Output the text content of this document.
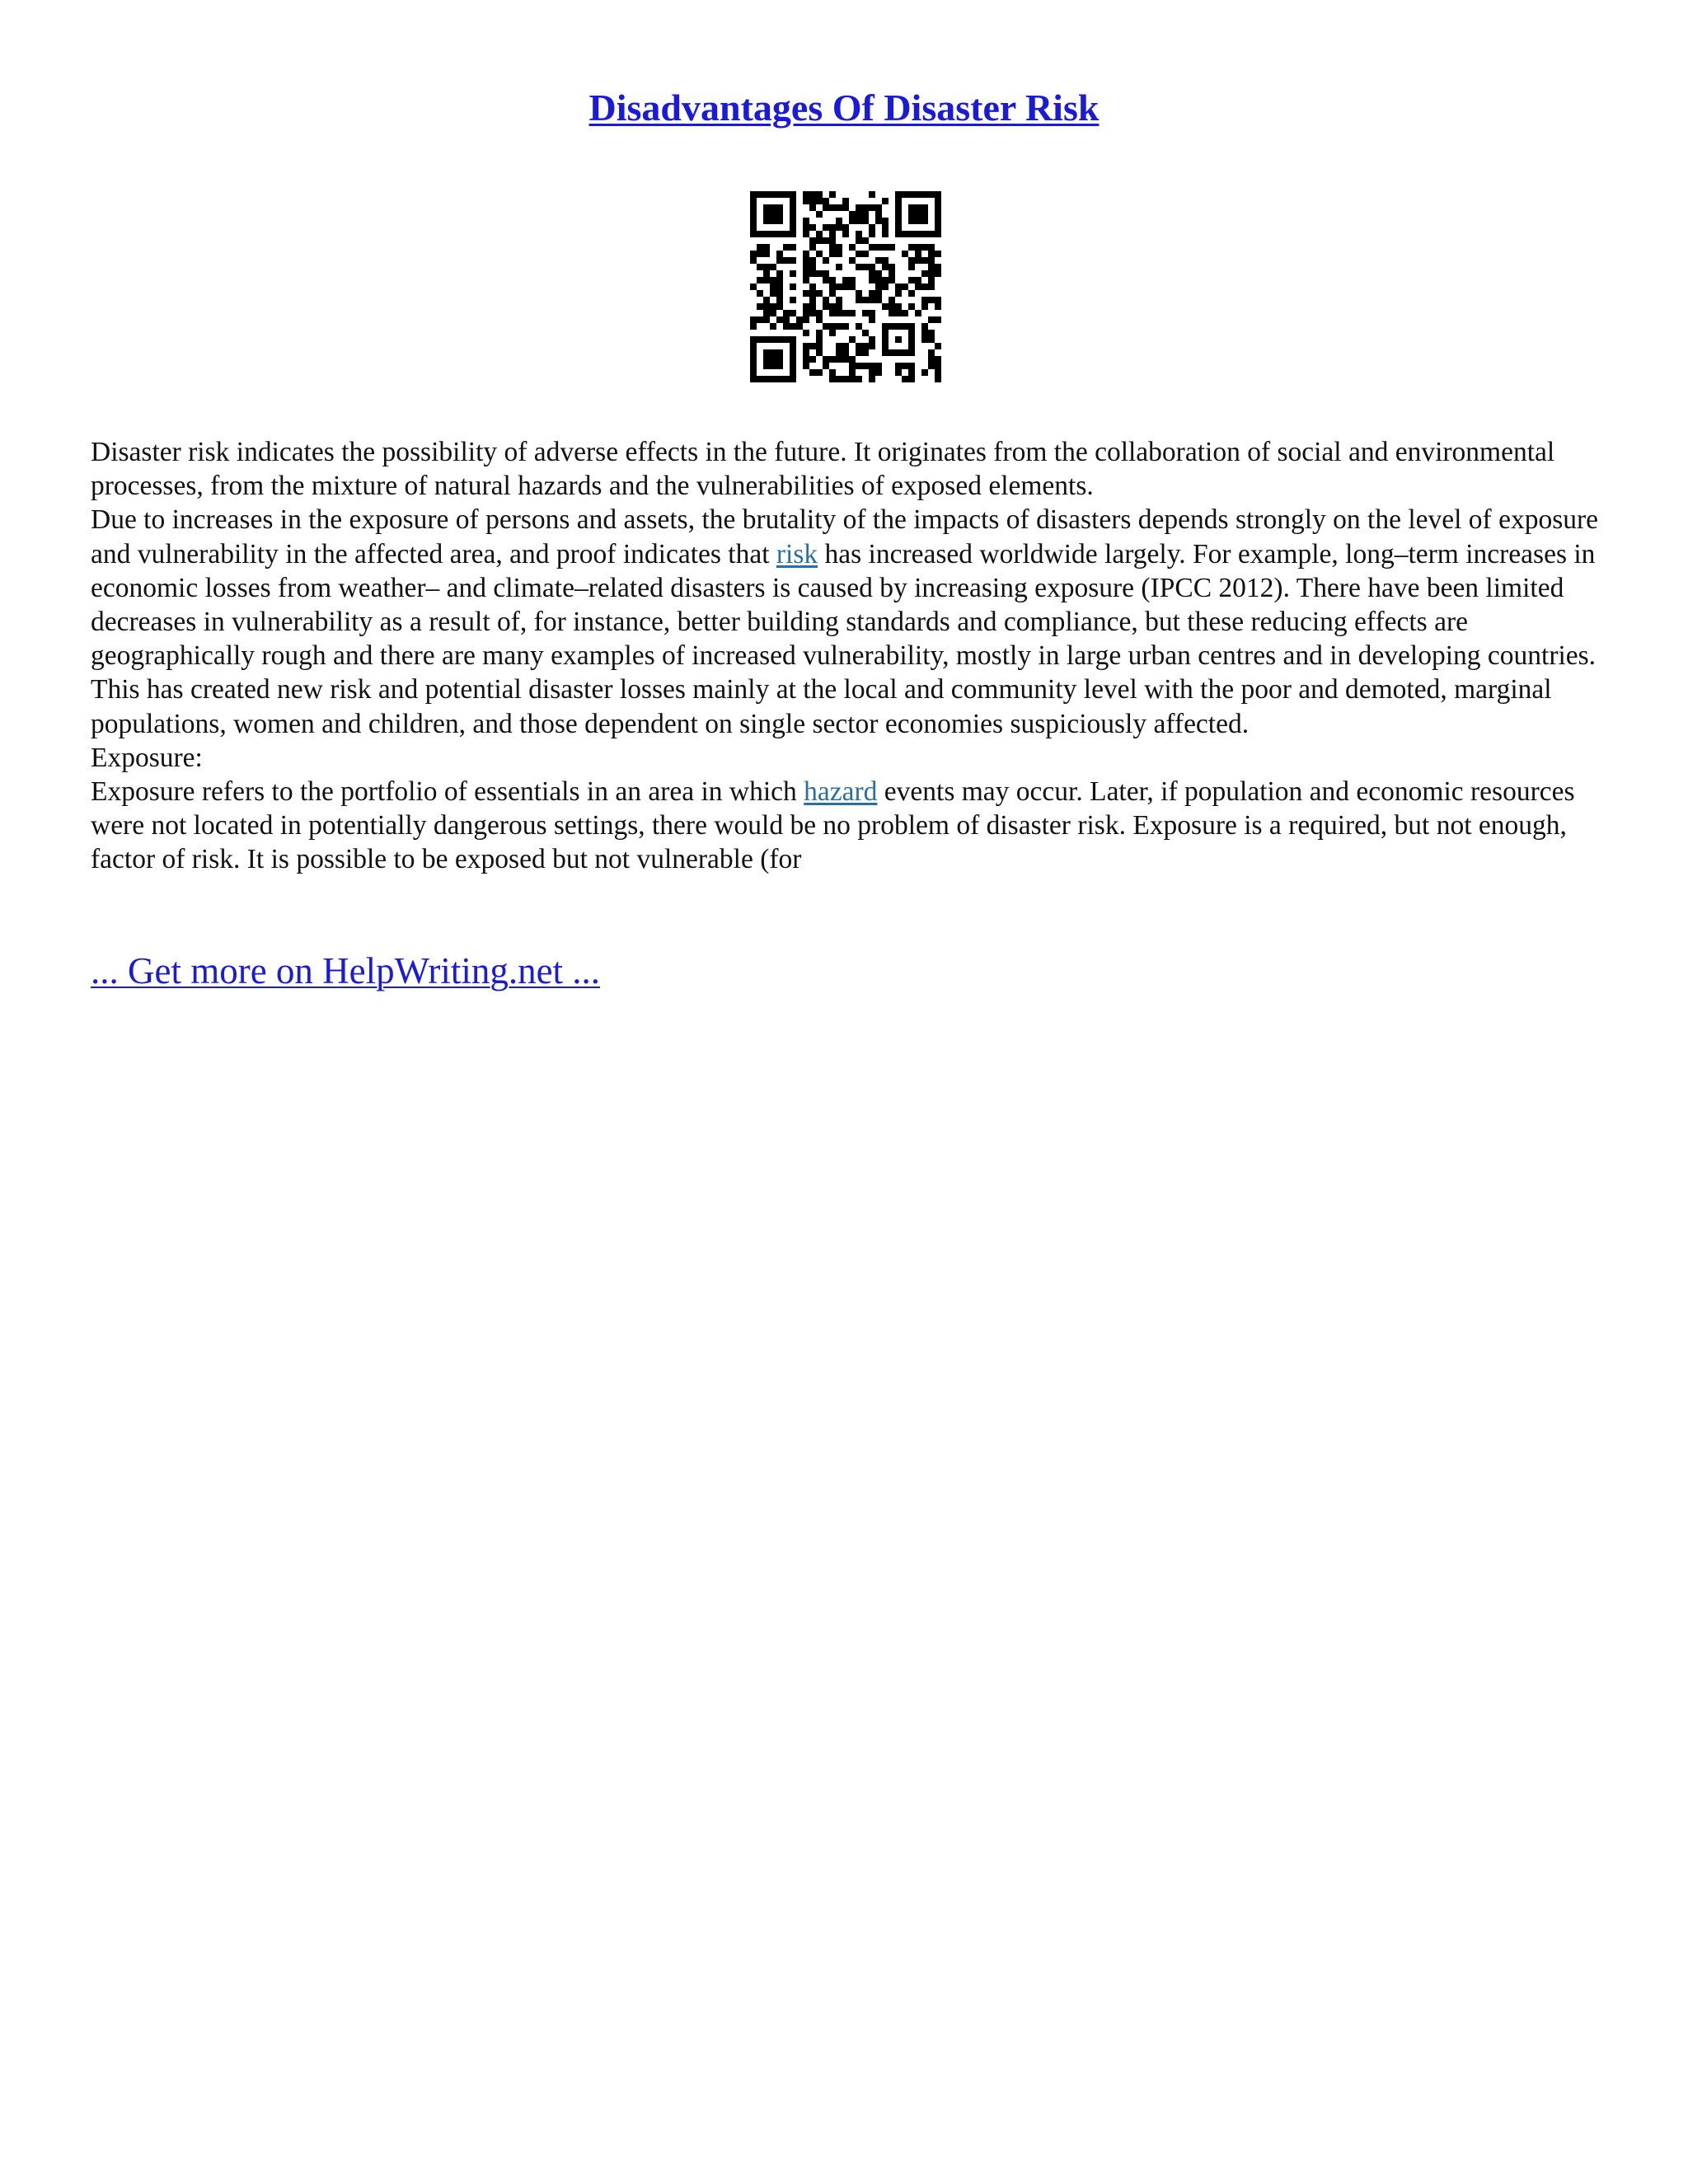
Disadvantages Of Disaster Risk

Disaster risk indicates the possibility of adverse effects in the future. It originates from the collaboration of social and environmental processes, from the mixture of natural hazards and the vulnerabilities of exposed elements.

Due to increases in the exposure of persons and assets, the brutality of the impacts of disasters depends strongly on the level of exposure and vulnerability in the affected area, and proof indicates that risk has increased worldwide largely. For example, long–term increases in economic losses from weather– and climate–related disasters is caused by increasing exposure (IPCC 2012). There have been limited decreases in vulnerability as a result of, for instance, better building standards and compliance, but these reducing effects are geographically rough and there are many examples of increased vulnerability, mostly in large urban centres and in developing countries. This has created new risk and potential disaster losses mainly at the local and community level with the poor and demoted, marginal populations, women and children, and those dependent on single sector economies suspiciously affected.

Exposure:

Exposure refers to the portfolio of essentials in an area in which hazard events may occur. Later, if population and economic resources were not located in potentially dangerous settings, there would be no problem of disaster risk. Exposure is a required, but not enough, factor of risk. It is possible to be exposed but not vulnerable (for

... Get more on HelpWriting.net ...
